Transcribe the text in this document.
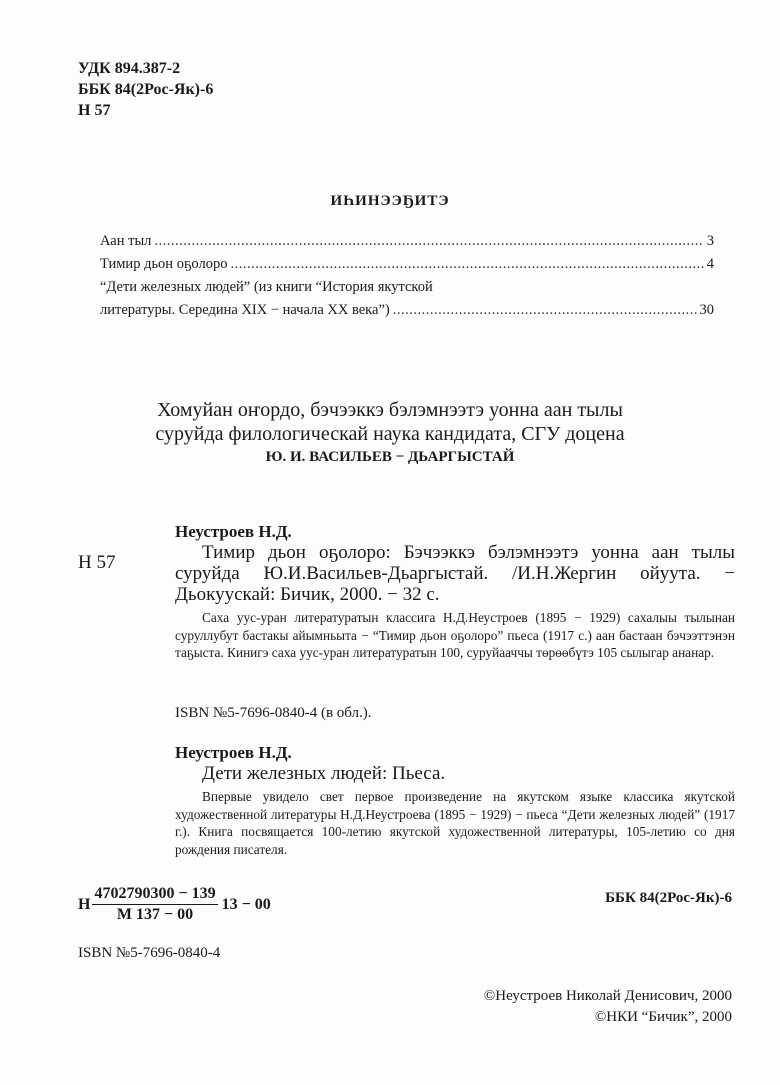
УДК 894.387-2
ББК 84(2Рос-Як)-6
Н 57
ИҺИНЭЭҔИТЭ
Аан тыл .....	3
Тимир дьон оҕолоро .....	4
“Дети железных людей” (из книги “История якутской
литературы. Середина XIX − начала XX века”) .....	30
Хомуйан оҥордо, бэчээккэ бэлэмнээтэ уонна аан тылы
суруйда филологическай наука кандидата, СГУ доцена
Ю. И. ВАСИЛЬЕВ − ДЬАРГЫСТАЙ
Н 57
Неустроев Н.Д.
Тимир дьон оҕолоро: Бэчээккэ бэлэмнээтэ уонна аан тылы суруйда Ю.И.Васильев-Дьаргыстай. /И.Н.Жергин ойуута. − Дьокуускай: Бичик, 2000. − 32 с.
Саха уус-уран литературатын классига Н.Д.Неустроев (1895 − 1929) сахалыы тылынан суруллубут бастакы айымньыта − “Тимир дьон оҕолоро” пьеса (1917 с.) аан бастаан бэчээттэнэн таҕыста. Кинигэ саха уус-уран литературатын 100, суруйааччы төрөөбүтэ 105 сылыгар ананар.
ISBN №5-7696-0840-4 (в обл.).
Неустроев Н.Д.
Дети железных людей: Пьеса.
Впервые увидело свет первое произведение на якутском языке классика якутской художественной литературы Н.Д.Неустроева (1895 − 1929) − пьеса “Дети железных людей” (1917 г.). Книга посвящается 100-летию якутской художественной литературы, 105-летию со дня рождения писателя.
Н $\frac{4702790300 - 139}{М 137 - 00} 13 - 00$	ББК 84(2Рос-Як)-6
ISBN №5-7696-0840-4
©Неустроев Николай Денисович, 2000
©НКИ “Бичик”, 2000
